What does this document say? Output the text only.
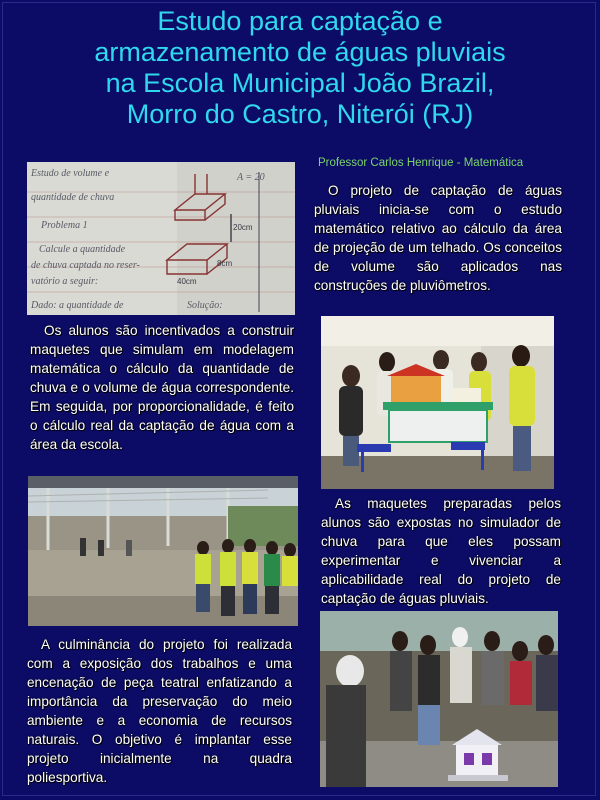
Estudo para captação e
armazenamento de águas pluviais
na Escola Municipal João Brazil,
Morro do Castro, Niterói (RJ)
Professor Carlos Henrique - Matemática
Estudo de volume e
quantidade de chuva
Problema 1
Calcule a quantidade
de chuva captada no reser-
vatório a seguir:
Dado: a quantidade de	Solução:
A = 20
20cm
8cm
40cm
O projeto de captação de águas pluviais inicia-se com o estudo matemático relativo ao cálculo da área de projeção de um telhado. Os conceitos de volume são aplicados nas construções de pluviômetros.
Os alunos são incentivados a construir maquetes que simulam em modelagem matemática o cálculo da quantidade de chuva e o volume de água correspondente. Em seguida, por proporcionalidade, é feito o cálculo real da captação de água com a área da escola.
As maquetes preparadas pelos alunos são expostas no simulador de chuva para que eles possam experimentar e vivenciar a aplicabilidade real do projeto de captação de águas pluviais.
A culminância do projeto foi realizada com a exposição dos trabalhos e uma encenação de peça teatral enfatizando a importância da preservação do meio ambiente e a economia de recursos naturais. O objetivo é implantar esse projeto inicialmente na quadra poliesportiva.
